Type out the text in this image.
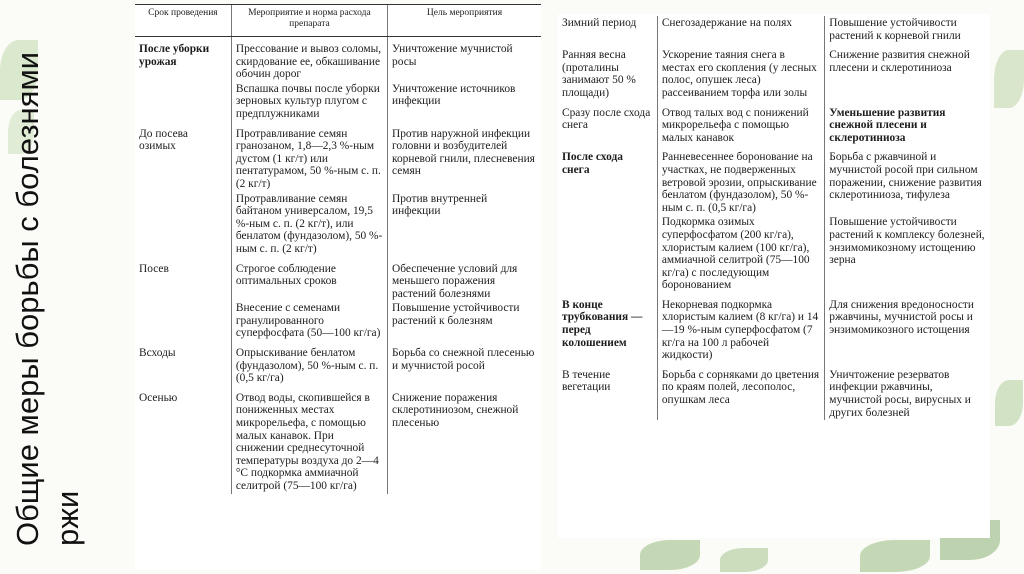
Общие меры борьбы с болезнями ржи
Срок проведения	Мероприятие и норма расхода препарата	Цель мероприятия
После уборки урожая	Прессование и вывоз соломы, скирдование ее, обкашивание обочин дорог	Уничтожение мучнистой росы
	Вспашка почвы после уборки зерновых культур плугом с предплужниками	Уничтожение источников инфекции
До посева озимых	Протравливание семян гранозаном, 1,8—2,3 %-ным дустом (1 кг/т) или пентатурамом, 50 %-ным с. п. (2 кг/т)	Против наружной инфекции головни и возбудителей корневой гнили, плесневения семян
	Протравливание семян байтаном универсалом, 19,5 %-ным с. п. (2 кг/т), или бенлатом (фундазолом), 50 %-ным с. п. (2 кг/т)	Против внутренней инфекции
Посев	Строгое соблюдение оптимальных сроков	Обеспечение условий для меньшего поражения растений болезнями
	Внесение с семенами гранулированного суперфосфата (50—100 кг/га)	Повышение устойчивости растений к болезням
Всходы	Опрыскивание бенлатом (фундазолом), 50 %-ным с. п. (0,5 кг/га)	Борьба со снежной плесенью и мучнистой росой
Осенью	Отвод воды, скопившейся в пониженных местах микрорельефа, с помощью малых канавок. При снижении среднесуточной температуры воздуха до 2—4 °С подкормка аммиачной селитрой (75—100 кг/га)	Снижение поражения склеротиниозом, снежной плесенью
Зимний период	Снегозадержание на полях	Повышение устойчивости растений к корневой гнили
Ранняя весна (проталины занимают 50 % площади)	Ускорение таяния снега в местах его скопления (у лесных полос, опушек леса) рассеиванием торфа или золы	Снижение развития снежной плесени и склеротиниоза
Сразу после схода снега	Отвод талых вод с понижений микрорельефа с помощью малых канавок	Уменьшение развития снежной плесени и склеротиниоза
После схода снега	Ранневесеннее боронование на участках, не подверженных ветровой эрозии, опрыскивание бенлатом (фундазолом), 50 %-ным с. п. (0,5 кг/га)	Борьба с ржавчиной и мучнистой росой при сильном поражении, снижение развития склеротиниоза, тифулеза
	Подкормка озимых суперфосфатом (200 кг/га), хлористым калием (100 кг/га), аммиачной селитрой (75—100 кг/га) с последующим боронованием	Повышение устойчивости растений к комплексу болезней, энзимомикозному истощению зерна
В конце трубкования — перед колошением	Некорневая подкормка хлористым калием (8 кг/га) и 14—19 %-ным суперфосфатом (7 кг/га на 100 л рабочей жидкости)	Для снижения вредоносности ржавчины, мучнистой росы и энзимомикозного истощения
В течение вегетации	Борьба с сорняками до цветения по краям полей, лесополос, опушкам леса	Уничтожение резерватов инфекции ржавчины, мучнистой росы, вирусных и других болезней
